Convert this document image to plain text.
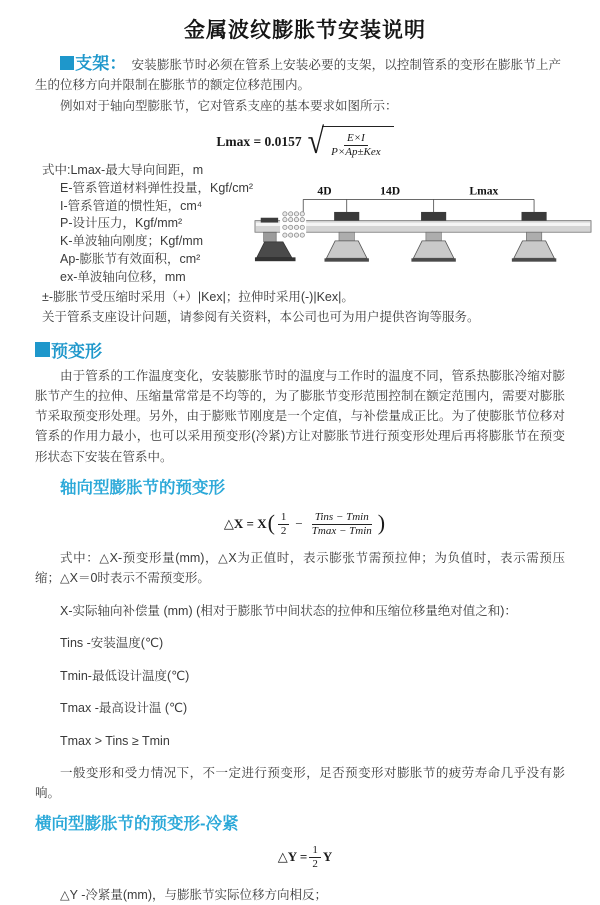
金属波纹膨胀节安装说明

支架： 安装膨胀节时必须在管系上安装必要的支架，以控制管系的变形在膨胀节上产生的位移方向并限制在膨胀节的额定位移范围内。

例如对于轴向型膨胀节，它对管系支座的基本要求如图所示：

Lmax = 0.0157 √ $\frac{E\times I}{\text{P×Ap±Kex}}$
式中:Lmax-最大导向间距，m
E-管系管道材料弹性投量，Kgf/cm²
I-管系管道的惯性矩，cm⁴
P-设计压力，Kgf/mm²
K-单波轴向刚度；Kgf/mm
Ap-膨胀节有效面积，cm²
ex-单波轴向位移，mm
4D	14D	Lmax

±-膨胀节受压缩时采用（+）|Kex|；拉伸时采用(-)|Kex|。

关于管系支座设计问题，请参阅有关资料，本公司也可为用户提供咨询等服务。

预变形

由于管系的工作温度变化，安装膨胀节时的温度与工作时的温度不同，管系热膨胀冷缩对膨胀节产生的拉伸、压缩量常常是不均等的，为了膨胀节变形范围控制在额定范围内，需要对膨胀节采取预变形处理。另外，由于膨账节刚度是一个定值，与补偿量成正比。为了使膨胀节位移对管系的作用力最小，也可以采用预变形(冷紧)方让对膨胀节进行预变形处理后再将膨胀节在预变形状态下安装在管系中。

轴向型膨胀节的预变形
△X = X ( $\frac{1}{2} - \frac{\text{Tins − Tmin}}{Tmax - Tmin}$ )

式中：△X-预变形量(mm)，△X为正值时，表示膨张节需预拉伸；为负值时，表示需预压缩；△X＝0时表示不需预变形。

X-实际轴向补偿量 (mm) (相对于膨胀节中间状态的拉伸和压缩位移量绝对值之和)：

Tins -安装温度(℃)

Tmin-最低设计温度(℃)

Tmax -最高设计温 (℃)

Tmax > Tins ≥ Tmin

一般变形和受力情况下，不一定进行预变形，足否预变形对膨胀节的疲劳寿命几乎没有影响。

横向型膨胀节的预变形-冷紧
△Y = $\frac{1}{2}$ Y

△Y -冷紧量(mm)，与膨胀节实际位移方向相反；
